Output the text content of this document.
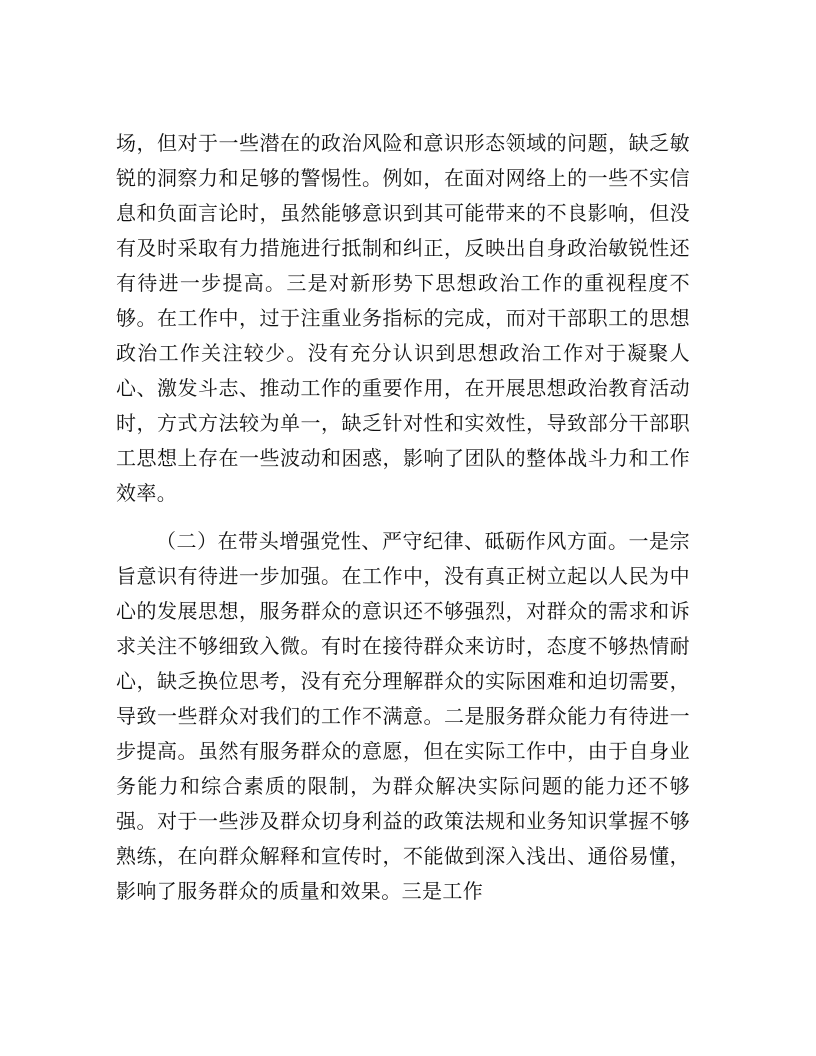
场，但对于一些潜在的政治风险和意识形态领域的问题，缺乏敏锐的洞察力和足够的警惕性。例如，在面对网络上的一些不实信息和负面言论时，虽然能够意识到其可能带来的不良影响，但没有及时采取有力措施进行抵制和纠正，反映出自身政治敏锐性还有待进一步提高。三是对新形势下思想政治工作的重视程度不够。在工作中，过于注重业务指标的完成，而对干部职工的思想政治工作关注较少。没有充分认识到思想政治工作对于凝聚人心、激发斗志、推动工作的重要作用，在开展思想政治教育活动时，方式方法较为单一，缺乏针对性和实效性，导致部分干部职工思想上存在一些波动和困惑，影响了团队的整体战斗力和工作效率。

（二）在带头增强党性、严守纪律、砥砺作风方面。一是宗旨意识有待进一步加强。在工作中，没有真正树立起以人民为中心的发展思想，服务群众的意识还不够强烈，对群众的需求和诉求关注不够细致入微。有时在接待群众来访时，态度不够热情耐心，缺乏换位思考，没有充分理解群众的实际困难和迫切需要，导致一些群众对我们的工作不满意。二是服务群众能力有待进一步提高。虽然有服务群众的意愿，但在实际工作中，由于自身业务能力和综合素质的限制，为群众解决实际问题的能力还不够强。对于一些涉及群众切身利益的政策法规和业务知识掌握不够熟练，在向群众解释和宣传时，不能做到深入浅出、通俗易懂，影响了服务群众的质量和效果。三是工作
